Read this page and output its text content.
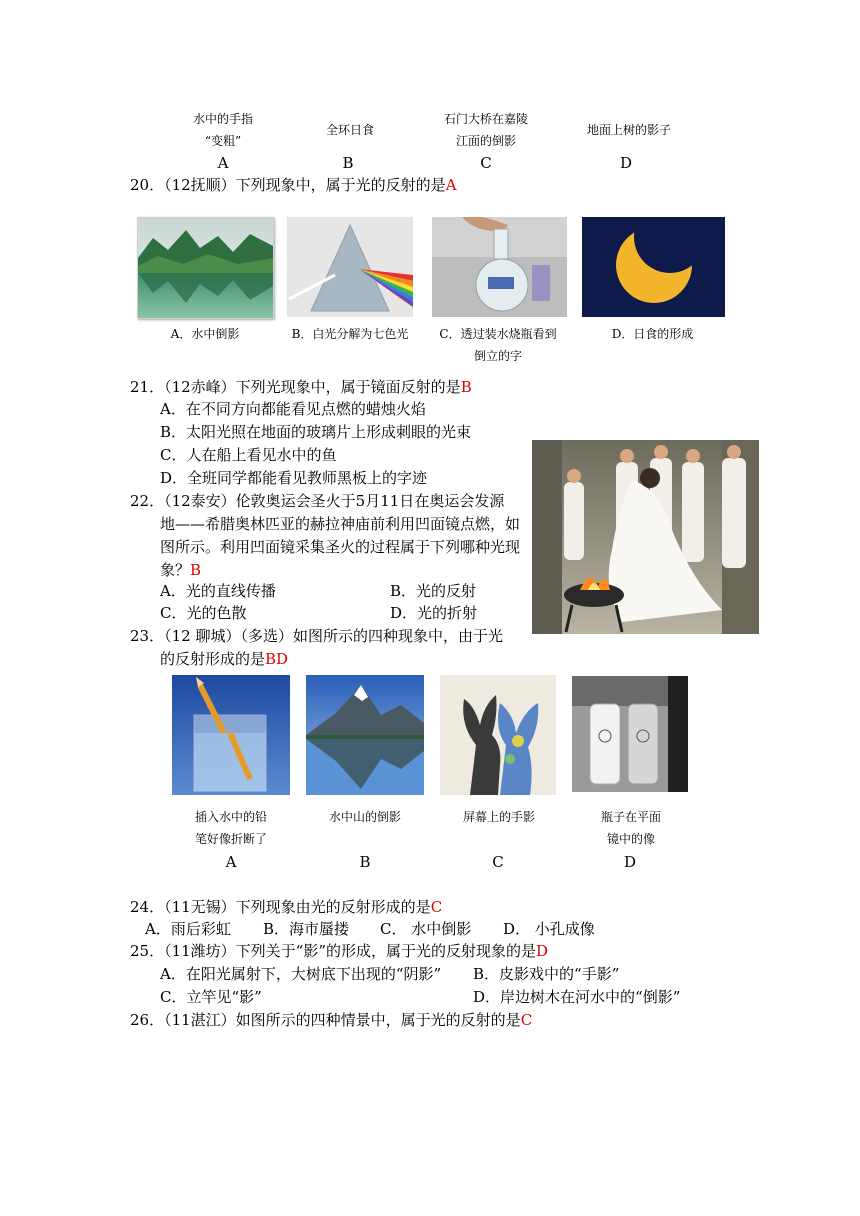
水中的手指
“变粗”
A
全环日食
B
石门大桥在嘉陵
江面的倒影
C
地面上树的影子
D
20．（12抚顺）下列现象中，属于光的反射的是A
A．水中倒影	B．白光分解为七色光	C．透过装水烧瓶看到
倒立的字
D．日食的形成
21．（12赤峰）下列光现象中，属于镜面反射的是B
A．在不同方向都能看见点燃的蜡烛火焰
B．太阳光照在地面的玻璃片上形成刺眼的光束
C．人在船上看见水中的鱼
D．全班同学都能看见教师黑板上的字迹
22．（12泰安）伦敦奥运会圣火于5月11日在奥运会发源
地——希腊奥林匹亚的赫拉神庙前利用凹面镜点燃，如
图所示。利用凹面镜采集圣火的过程属于下列哪种光现
象？B
A．光的直线传播	B．光的反射
C．光的色散	D．光的折射
23．（12 聊城）（多选）如图所示的四种现象中，由于光
的反射形成的是BD
插入水中的铅
笔好像折断了
A
水中山的倒影
B
屏幕上的手影
C
瓶子在平面
镜中的像
D
24．（11无锡）下列现象由光的反射形成的是C
A．雨后彩虹 B．海市蜃搂 C． 水中倒影 D． 小孔成像
25．（11潍坊）下列关于“影”的形成，属于光的反射现象的是D
A．在阳光属射下，大树底下出现的“阴影” B．皮影戏中的“手影”
C．立竿见“影”	D．岸边树木在河水中的“倒影”
26．（11湛江）如图所示的四种情景中，属于光的反射的是C
